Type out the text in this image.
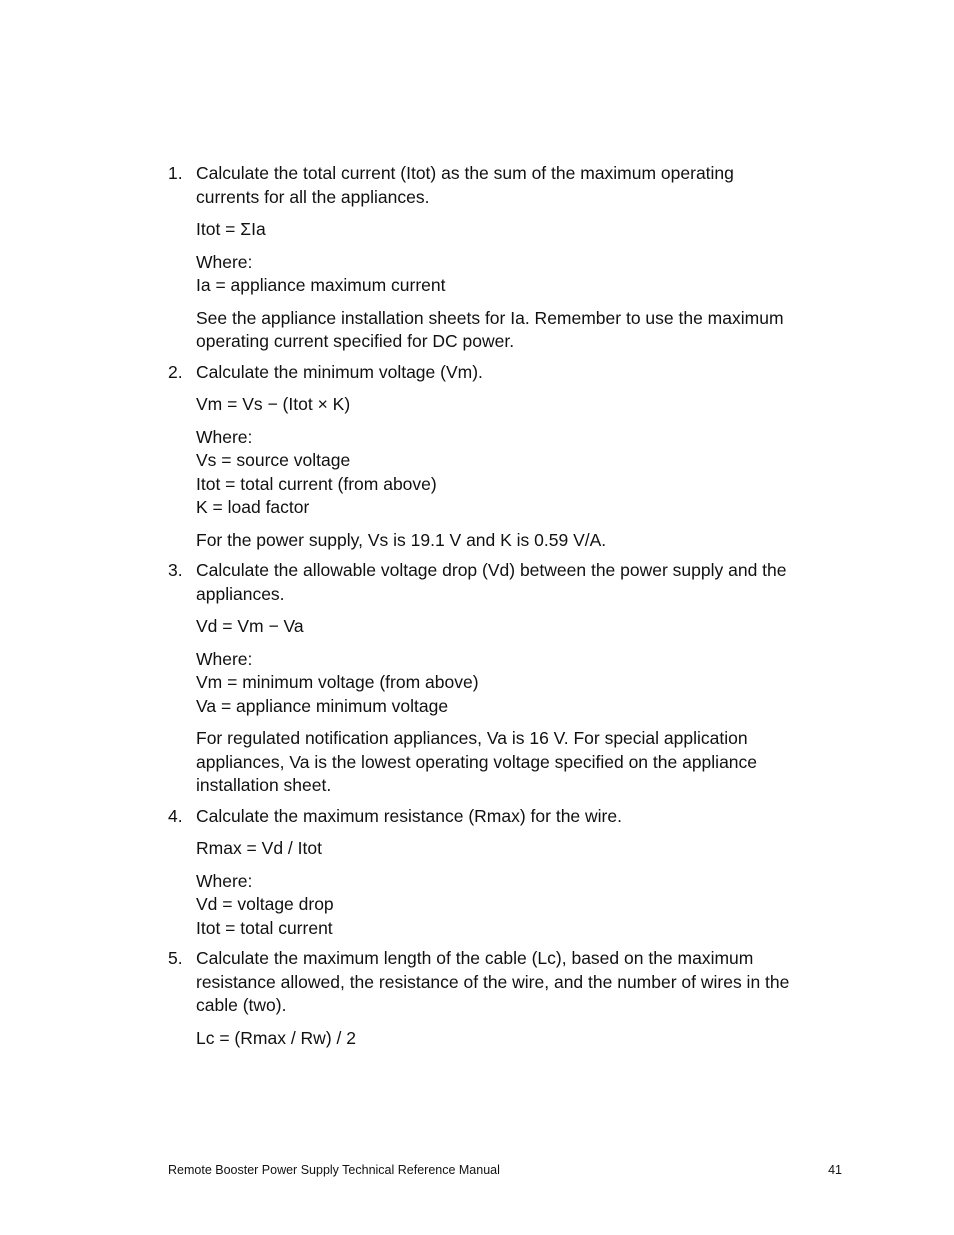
1. Calculate the total current (Itot) as the sum of the maximum operating
currents for all the appliances.
Itot = ΣIa
Where:
Ia = appliance maximum current
See the appliance installation sheets for Ia. Remember to use the maximum
operating current specified for DC power.
2. Calculate the minimum voltage (Vm).
Vm = Vs − (Itot × K)
Where:
Vs = source voltage
Itot = total current (from above)
K = load factor
For the power supply, Vs is 19.1 V and K is 0.59 V/A.
3. Calculate the allowable voltage drop (Vd) between the power supply and the
appliances.
Vd = Vm − Va
Where:
Vm = minimum voltage (from above)
Va = appliance minimum voltage
For regulated notification appliances, Va is 16 V. For special application
appliances, Va is the lowest operating voltage specified on the appliance
installation sheet.
4. Calculate the maximum resistance (Rmax) for the wire.
Rmax = Vd / Itot
Where:
Vd = voltage drop
Itot = total current
5. Calculate the maximum length of the cable (Lc), based on the maximum
resistance allowed, the resistance of the wire, and the number of wires in the
cable (two).
Lc = (Rmax / Rw) / 2
Remote Booster Power Supply Technical Reference Manual	41
